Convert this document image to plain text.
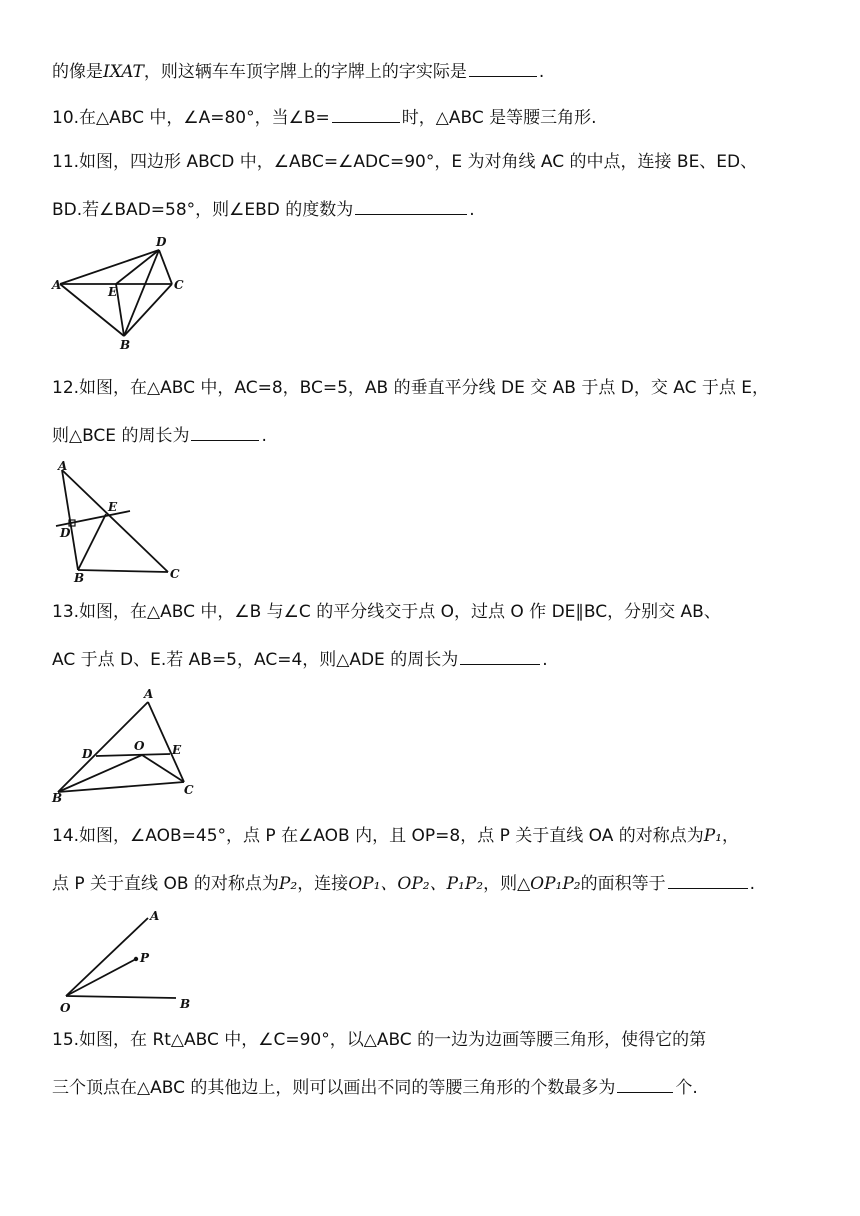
的像是IXAT，则这辆车车顶字牌上的字牌上的字实际是	.
10.在△ABC 中，∠A=80°，当∠B=	时，△ABC 是等腰三角形.
11.如图，四边形 ABCD 中，∠ABC=∠ADC=90°，E 为对角线 AC 的中点，连接 BE、ED、
BD.若∠BAD=58°，则∠EBD 的度数为	.
A
D
C
E
B
12.如图，在△ABC 中，AC=8，BC=5，AB 的垂直平分线 DE 交 AB 于点 D，交 AC 于点 E，
则△BCE 的周长为	.
A
E
D
B	C
13.如图，在△ABC 中，∠B 与∠C 的平分线交于点 O，过点 O 作 DE∥BC，分别交 AB、
AC 于点 D、E.若 AB=5，AC=4，则△ADE 的周长为	.
A
D
O E
B
C
14.如图，∠AOB=45°，点 P 在∠AOB 内，且 OP=8，点 P 关于直线 OA 的对称点为P₁，
点 P 关于直线 OB 的对称点为P₂，连接OP₁、OP₂、P₁P₂，则△OP₁P₂的面积等于	.
A
P
O	B
15.如图，在 Rt△ABC 中，∠C=90°，以△ABC 的一边为边画等腰三角形，使得它的第
三个顶点在△ABC 的其他边上，则可以画出不同的等腰三角形的个数最多为	个.
